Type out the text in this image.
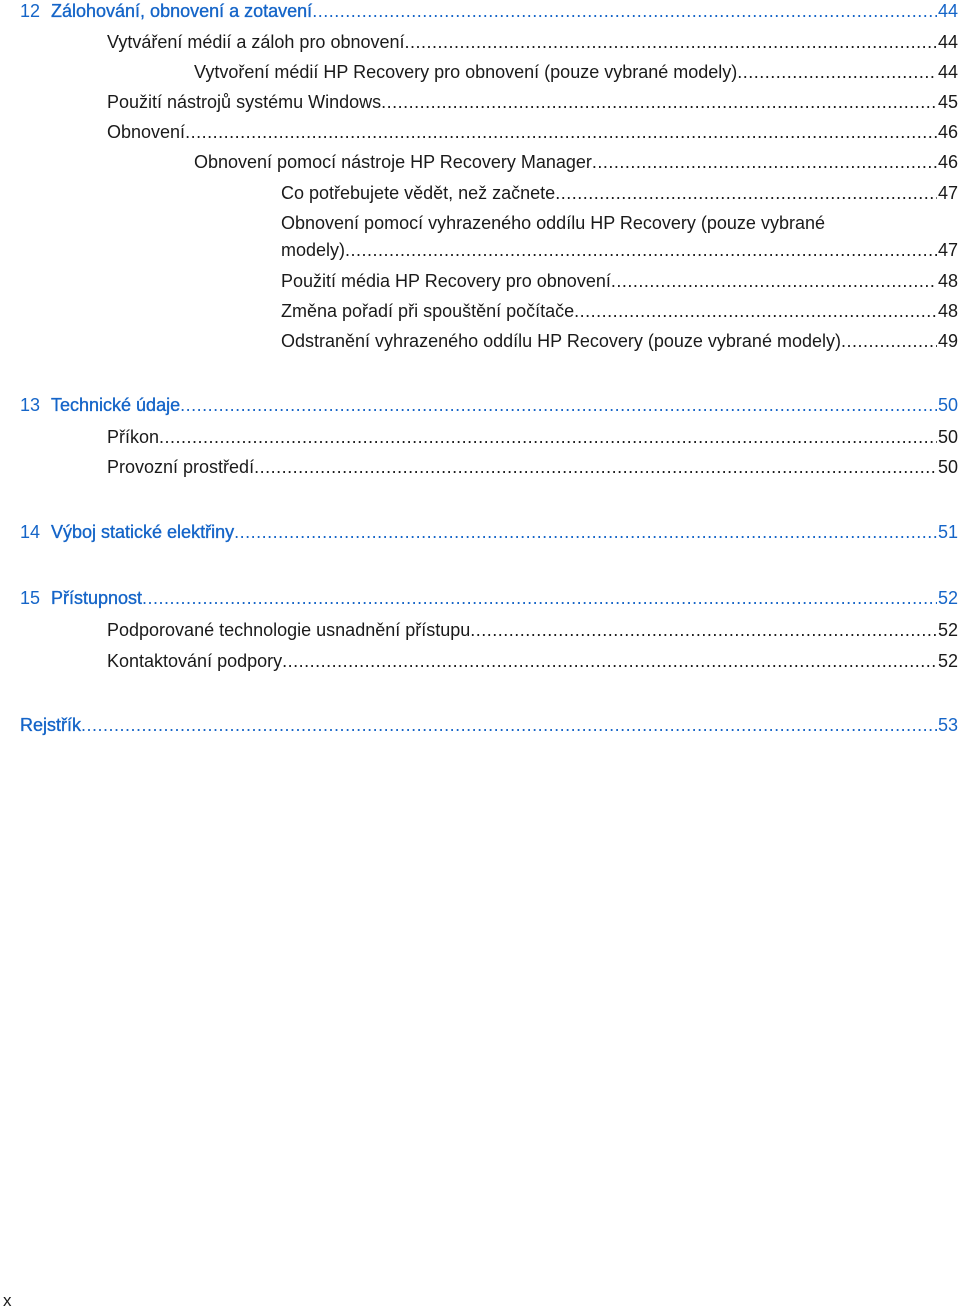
12 Zálohování, obnovení a zotavení .....	44
Vytváření médií a záloh pro obnovení .....	44
Vytvoření médií HP Recovery pro obnovení (pouze vybrané modely) .....	44
Použití nástrojů systému Windows .....	45
Obnovení .....	46
Obnovení pomocí nástroje HP Recovery Manager .....	46
Co potřebujete vědět, než začnete .....	47
Obnovení pomocí vyhrazeného oddílu HP Recovery (pouze vybrané
modely) .....	47
Použití média HP Recovery pro obnovení .....	48
Změna pořadí při spouštění počítače .....	48
Odstranění vyhrazeného oddílu HP Recovery (pouze vybrané modely) .....	49
13 Technické údaje .....	50
Příkon .....	50
Provozní prostředí .....	50
14 Výboj statické elektřiny .....	51
15 Přístupnost .....	52
Podporované technologie usnadnění přístupu .....	52
Kontaktování podpory .....	52
Rejstřík .....	53
x
